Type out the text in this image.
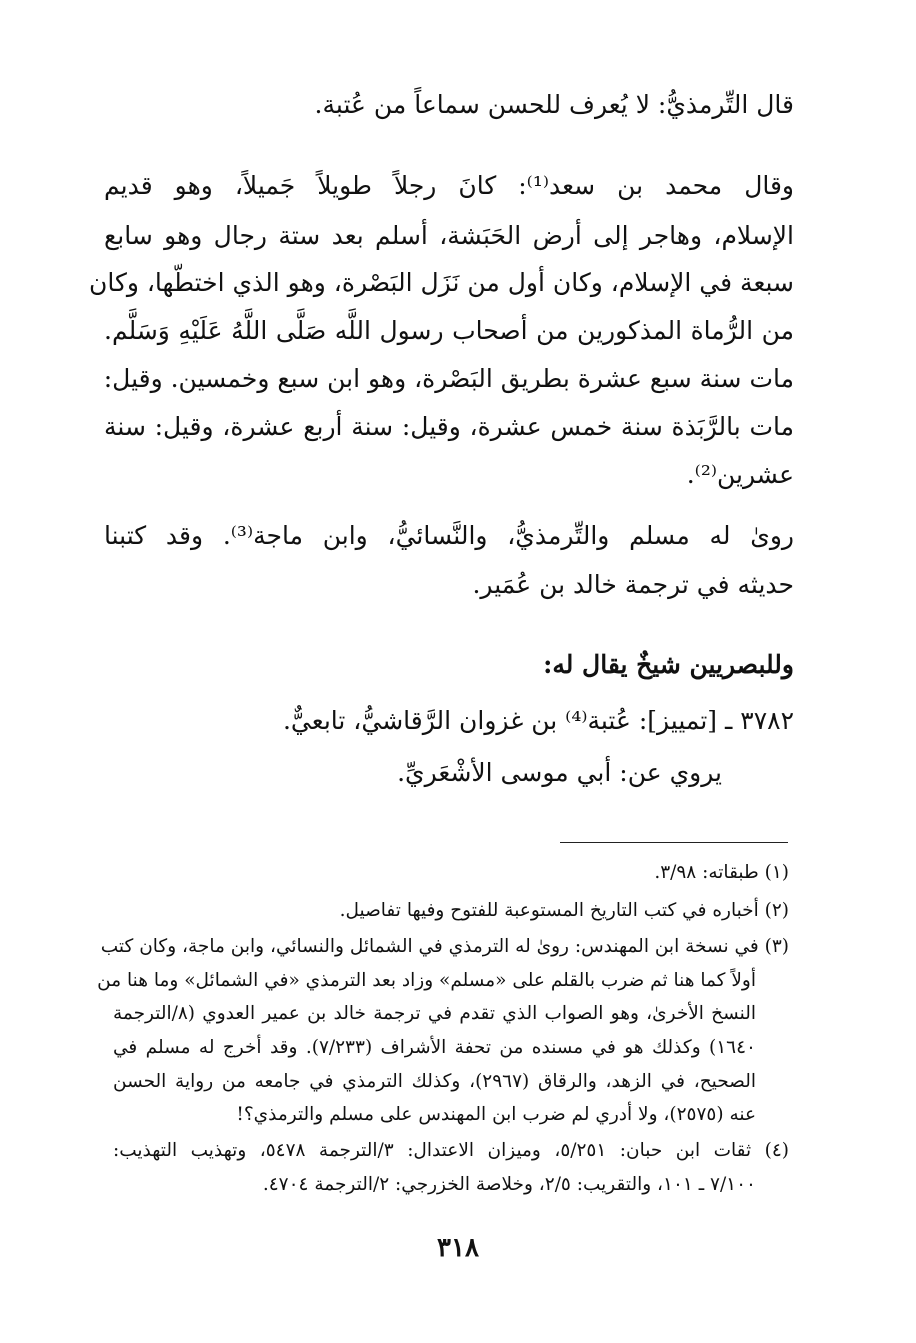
قال التِّرمذيُّ: لا يُعرف للحسن سماعاً من عُتبة.
وقال محمد بن سعد⁽¹⁾: كانَ رجلاً طويلاً جَميلاً، وهو قديم
الإسلام، وهاجر إلى أرض الحَبَشة، أسلم بعد ستة رجال وهو سابع
سبعة في الإسلام، وكان أول من نَزَل البَصْرة، وهو الذي اختطّها، وكان
من الرُّماة المذكورين من أصحاب رسول اللَّه صَلَّى اللَّهُ عَلَيْهِ وَسَلَّم.
مات سنة سبع عشرة بطريق البَصْرة، وهو ابن سبع وخمسين. وقيل:
مات بالرَّبَذة سنة خمس عشرة، وقيل: سنة أربع عشرة، وقيل: سنة
عشرين⁽²⁾.
روىٰ له مسلم والتِّرمذيُّ، والنَّسائيُّ، وابن ماجة⁽³⁾. وقد كتبنا
حديثه في ترجمة خالد بن عُمَير.
وللبصريين شيخٌ يقال له:
٣٧٨٢ ـ [تمييز]: عُتبة⁽⁴⁾ بن غزوان الرَّقاشيُّ، تابعيٌّ.
يروي عن: أبي موسى الأشْعَريِّ.
(١) طبقاته: ٣/٩٨.
(٢) أخباره في كتب التاريخ المستوعبة للفتوح وفيها تفاصيل.
(٣) في نسخة ابن المهندس: روىٰ له الترمذي في الشمائل والنسائي، وابن ماجة، وكان كتب
أولاً كما هنا ثم ضرب بالقلم على «مسلم» وزاد بعد الترمذي «في الشمائل» وما هنا من
النسخ الأخرىٰ، وهو الصواب الذي تقدم في ترجمة خالد بن عمير العدوي (٨/الترجمة
١٦٤٠) وكذلك هو في مسنده من تحفة الأشراف (٧/٢٣٣). وقد أخرج له مسلم في
الصحيح، في الزهد، والرقاق (٢٩٦٧)، وكذلك الترمذي في جامعه من رواية الحسن
عنه (٢٥٧٥)، ولا أدري لم ضرب ابن المهندس على مسلم والترمذي؟!
(٤) ثقات ابن حبان: ٥/٢٥١، وميزان الاعتدال: ٣/الترجمة ٥٤٧٨، وتهذيب التهذيب:
٧/١٠٠ ـ ١٠١، والتقريب: ٢/٥، وخلاصة الخزرجي: ٢/الترجمة ٤٧٠٤.
٣١٨
